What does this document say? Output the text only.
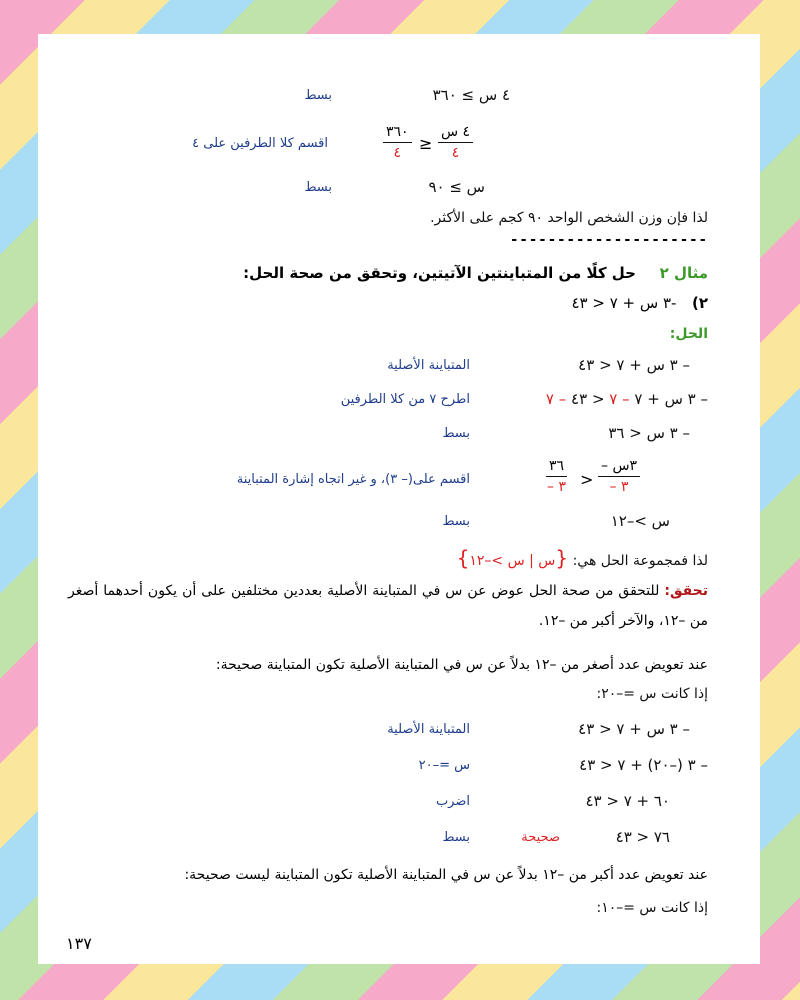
٤ س ≥ ٣٦٠
بسط
٤ س
٤
≥
٣٦٠
٤
اقسم كلا الطرفين على ٤
س ≥ ٩٠
بسط
لذا فإن وزن الشخص الواحد ٩٠ كجم على الأكثر.
---------------------
مثال ٢  حل كلًا من المتباينتين الآتيتين، وتحقق من صحة الحل:
٢)  -٣ س + ٧ < ٤٣
الحل:
– ٣ س + ٧ < ٤٣
المتباينة الأصلية
– ٣ س + ٧ – ٧ < ٤٣ – ٧
اطرح ٧ من كلا الطرفين
– ٣ س < ٣٦
بسط
– ٣س
– ٣
>
٣٦
– ٣
اقسم على(– ٣)، و غير اتجاه إشارة المتباينة
س >–١٢
بسط
لذا فمجموعة الحل هي: {س | س >–١٢}
تحقق: للتحقق من صحة الحل عوض عن س في المتباينة الأصلية بعددين مختلفين على أن يكون أحدهما أصغر من –١٢، والآخر أكبر من –١٢.
عند تعويض عدد أصغر من –١٢ بدلاً عن س في المتباينة الأصلية تكون المتباينة صحيحة:
إذا كانت س =–٢٠:
– ٣ س + ٧ < ٤٣
المتباينة الأصلية
– ٣ (–٢٠) + ٧ < ٤٣
س =–٢٠
٦٠ + ٧ < ٤٣
اضرب
٧٦ < ٤٣
صحيحة
بسط
عند تعويض عدد أكبر من –١٢ بدلاً عن س في المتباينة الأصلية تكون المتباينة ليست صحيحة:
إذا كانت س =–١٠:
١٣٧
